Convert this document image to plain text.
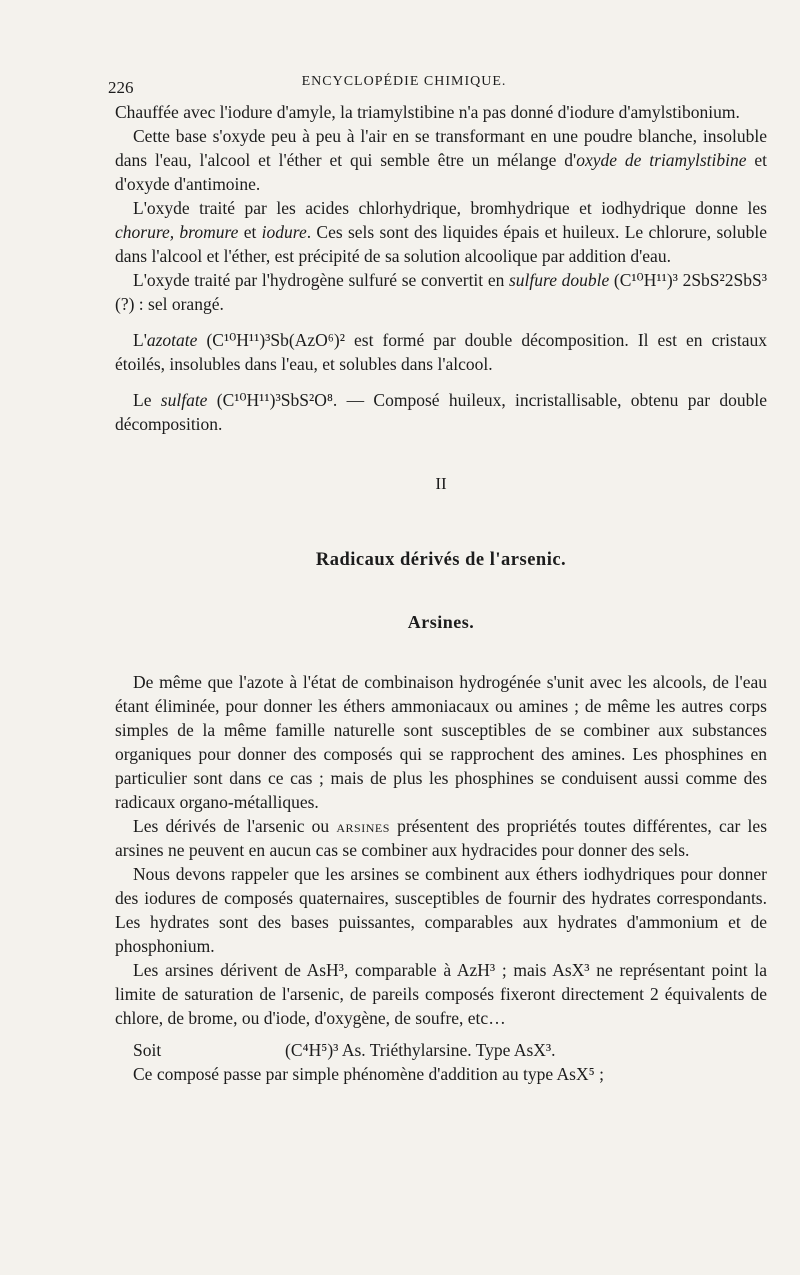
226	ENCYCLOPÉDIE CHIMIQUE.

Chauffée avec l'iodure d'amyle, la triamylstibine n'a pas donné d'iodure d'amylstibonium.

Cette base s'oxyde peu à peu à l'air en se transformant en une poudre blanche, insoluble dans l'eau, l'alcool et l'éther et qui semble être un mélange d'oxyde de triamylstibine et d'oxyde d'antimoine.

L'oxyde traité par les acides chlorhydrique, bromhydrique et iodhydrique donne les chorure, bromure et iodure. Ces sels sont des liquides épais et huileux. Le chlorure, soluble dans l'alcool et l'éther, est précipité de sa solution alcoolique par addition d'eau.

L'oxyde traité par l'hydrogène sulfuré se convertit en sulfure double (C¹⁰H¹¹)³ 2SbS²2SbS³ (?) : sel orangé.

L'azotate (C¹⁰H¹¹)³Sb(AzO⁶)² est formé par double décomposition. Il est en cristaux étoilés, insolubles dans l'eau, et solubles dans l'alcool.

Le sulfate (C¹⁰H¹¹)³SbS²O⁸. — Composé huileux, incristallisable, obtenu par double décomposition.

II

Radicaux dérivés de l'arsenic.

Arsines.

De même que l'azote à l'état de combinaison hydrogénée s'unit avec les alcools, de l'eau étant éliminée, pour donner les éthers ammoniacaux ou amines ; de même les autres corps simples de la même famille naturelle sont susceptibles de se combiner aux substances organiques pour donner des composés qui se rapprochent des amines. Les phosphines en particulier sont dans ce cas ; mais de plus les phosphines se conduisent aussi comme des radicaux organo-métalliques.

Les dérivés de l'arsenic ou arsines présentent des propriétés toutes différentes, car les arsines ne peuvent en aucun cas se combiner aux hydracides pour donner des sels.

Nous devons rappeler que les arsines se combinent aux éthers iodhydriques pour donner des iodures de composés quaternaires, susceptibles de fournir des hydrates correspondants. Les hydrates sont des bases puissantes, comparables aux hydrates d'ammonium et de phosphonium.

Les arsines dérivent de AsH³, comparable à AzH³ ; mais AsX³ ne représentant point la limite de saturation de l'arsenic, de pareils composés fixeront directement 2 équivalents de chlore, de brome, ou d'iode, d'oxygène, de soufre, etc…

Soit	(C⁴H⁵)³ As. Triéthylarsine. Type AsX³.

Ce composé passe par simple phénomène d'addition au type AsX⁵ ;
